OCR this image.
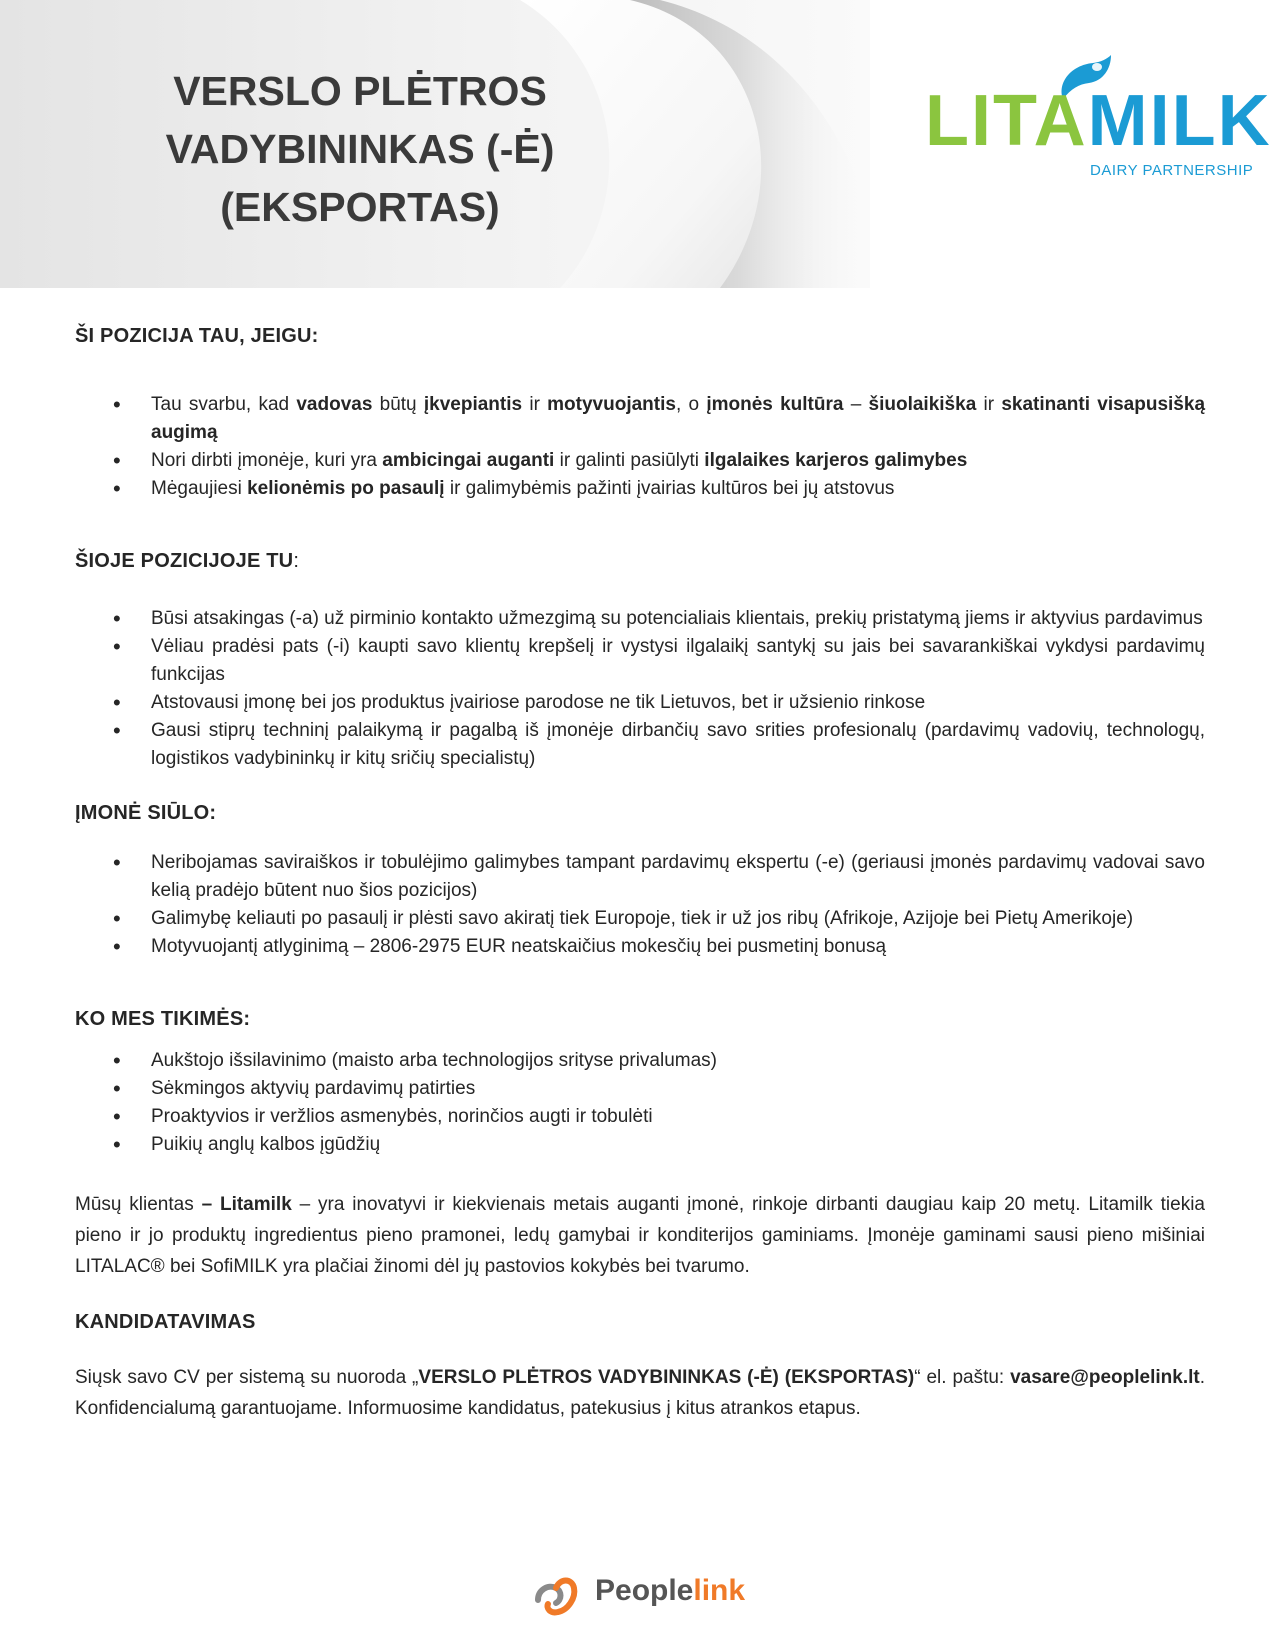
VERSLO PLĖTROS
VADYBININKAS (-Ė)
(EKSPORTAS)
LITAMILK
DAIRY PARTNERSHIP
ŠI POZICIJA TAU, JEIGU:
• Tau svarbu, kad vadovas būtų įkvepiantis ir motyvuojantis, o įmonės kultūra – šiuolaikiška ir skatinanti visapusišką augimą
• Nori dirbti įmonėje, kuri yra ambicingai auganti ir galinti pasiūlyti ilgalaikes karjeros galimybes
• Mėgaujiesi kelionėmis po pasaulį ir galimybėmis pažinti įvairias kultūros bei jų atstovus
ŠIOJE POZICIJOJE TU:
• Būsi atsakingas (-a) už pirminio kontakto užmezgimą su potencialiais klientais, prekių pristatymą jiems ir aktyvius pardavimus
• Vėliau pradėsi pats (-i) kaupti savo klientų krepšelį ir vystysi ilgalaikį santykį su jais bei savarankiškai vykdysi pardavimų funkcijas
• Atstovausi įmonę bei jos produktus įvairiose parodose ne tik Lietuvos, bet ir užsienio rinkose
• Gausi stiprų techninį palaikymą ir pagalbą iš įmonėje dirbančių savo srities profesionalų (pardavimų vadovių, technologų, logistikos vadybininkų ir kitų sričių specialistų)
ĮMONĖ SIŪLO:
• Neribojamas saviraiškos ir tobulėjimo galimybes tampant pardavimų ekspertu (-e) (geriausi įmonės pardavimų vadovai savo kelią pradėjo būtent nuo šios pozicijos)
• Galimybę keliauti po pasaulį ir plėsti savo akiratį tiek Europoje, tiek ir už jos ribų (Afrikoje, Azijoje bei Pietų Amerikoje)
• Motyvuojantį atlyginimą – 2806-2975 EUR neatskaičius mokesčių bei pusmetinį bonusą
KO MES TIKIMĖS:
• Aukštojo išsilavinimo (maisto arba technologijos srityse privalumas)
• Sėkmingos aktyvių pardavimų patirties
• Proaktyvios ir veržlios asmenybės, norinčios augti ir tobulėti
• Puikių anglų kalbos įgūdžių

Mūsų klientas – Litamilk – yra inovatyvi ir kiekvienais metais auganti įmonė, rinkoje dirbanti daugiau kaip 20 metų. Litamilk tiekia pieno ir jo produktų ingredientus pieno pramonei, ledų gamybai ir konditerijos gaminiams. Įmonėje gaminami sausi pieno mišiniai LITALAC® bei SofiMILK yra plačiai žinomi dėl jų pastovios kokybės bei tvarumo.

KANDIDATAVIMAS

Siųsk savo CV per sistemą su nuoroda „VERSLO PLĖTROS VADYBININKAS (-Ė) (EKSPORTAS)“ el. paštu: vasare@peoplelink.lt. Konfidencialumą garantuojame. Informuosime kandidatus, patekusius į kitus atrankos etapus.

Peoplelink
